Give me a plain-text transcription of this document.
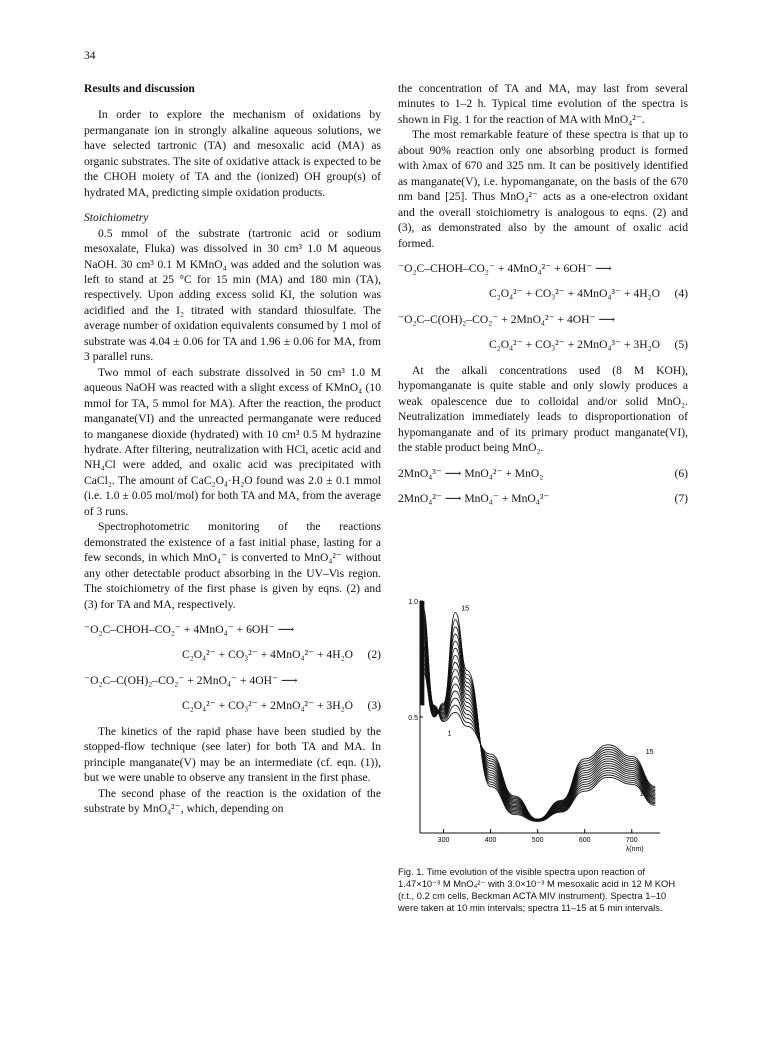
34
Results and discussion

In order to explore the mechanism of oxidations by permanganate ion in strongly alkaline aqueous solutions, we have selected tartronic (TA) and mesoxalic acid (MA) as organic substrates. The site of oxidative attack is expected to be the CHOH moiety of TA and the (ionized) OH group(s) of hydrated MA, predicting simple oxidation products.

Stoichiometry

0.5 mmol of the substrate (tartronic acid or sodium mesoxalate, Fluka) was dissolved in 30 cm³ 1.0 M aqueous NaOH. 30 cm³ 0.1 M KMnO₄ was added and the solution was left to stand at 25 °C for 15 min (MA) and 180 min (TA), respectively. Upon adding excess solid KI, the solution was acidified and the I₂ titrated with standard thiosulfate. The average number of oxidation equivalents consumed by 1 mol of substrate was 4.04 ± 0.06 for TA and 1.96 ± 0.06 for MA, from 3 parallel runs.

Two mmol of each substrate dissolved in 50 cm³ 1.0 M aqueous NaOH was reacted with a slight excess of KMnO₄ (10 mmol for TA, 5 mmol for MA). After the reaction, the product manganate(VI) and the unreacted permanganate were reduced to manganese dioxide (hydrated) with 10 cm³ 0.5 M hydrazine hydrate. After filtering, neutralization with HCl, acetic acid and NH₄Cl were added, and oxalic acid was precipitated with CaCl₂. The amount of CaC₂O₄·H₂O found was 2.0 ± 0.1 mmol (i.e. 1.0 ± 0.05 mol/mol) for both TA and MA, from the average of 3 runs.

Spectrophotometric monitoring of the reactions demonstrated the existence of a fast initial phase, lasting for a few seconds, in which MnO₄⁻ is converted to MnO₄²⁻ without any other detectable product absorbing in the UV–Vis region. The stoichiometry of the first phase is given by eqns. (2) and (3) for TA and MA, respectively.

⁻O₂C–CHOH–CO₂⁻ + 4MnO₄⁻ + 6OH⁻ ⟶
C₂O₄²⁻ + CO₃²⁻ + 4MnO₄²⁻ + 4H₂O (2)
⁻O₂C–C(OH)₂–CO₂⁻ + 2MnO₄⁻ + 4OH⁻ ⟶
C₂O₄²⁻ + CO₃²⁻ + 2MnO₄²⁻ + 3H₂O (3)

The kinetics of the rapid phase have been studied by the stopped-flow technique (see later) for both TA and MA. In principle manganate(V) may be an intermediate (cf. eqn. (1)), but we were unable to observe any transient in the first phase.

The second phase of the reaction is the oxidation of the substrate by MnO₄²⁻, which, depending on

the concentration of TA and MA, may last from several minutes to 1–2 h. Typical time evolution of the spectra is shown in Fig. 1 for the reaction of MA with MnO₄²⁻.

The most remarkable feature of these spectra is that up to about 90% reaction only one absorbing product is formed with λmax of 670 and 325 nm. It can be positively identified as manganate(V), i.e. hypomanganate, on the basis of the 670 nm band [25]. Thus MnO₄²⁻ acts as a one-electron oxidant and the overall stoichiometry is analogous to eqns. (2) and (3), as demonstrated also by the amount of oxalic acid formed.

⁻O₂C–CHOH–CO₂⁻ + 4MnO₄²⁻ + 6OH⁻ ⟶
C₂O₄²⁻ + CO₃²⁻ + 4MnO₄³⁻ + 4H₂O (4)
⁻O₂C–C(OH)₂–CO₂⁻ + 2MnO₄²⁻ + 4OH⁻ ⟶
C₂O₄²⁻ + CO₃²⁻ + 2MnO₄³⁻ + 3H₂O (5)

At the alkali concentrations used (8 M KOH), hypomanganate is quite stable and only slowly produces a weak opalescence due to colloidal and/or solid MnO₂. Neutralization immediately leads to disproportionation of hypomanganate and of its primary product manganate(VI), the stable product being MnO₂.

2MnO₄³⁻ ⟶ MnO₄²⁻ + MnO₂	(6)
2MnO₄²⁻ ⟶ MnO₄⁻ + MnO₄³⁻	(7)
300	400	500	600	700
0.5
1.0
A
λ(nm)
15
1
15
1
Fig. 1. Time evolution of the visible spectra upon reaction of 1.47×10⁻³ M MnO₄²⁻ with 3.0×10⁻³ M mesoxalic acid in 12 M KOH (r.t., 0.2 cm cells, Beckman ACTA MIV instrument). Spectra 1–10 were taken at 10 min intervals; spectra 11–15 at 5 min intervals.
